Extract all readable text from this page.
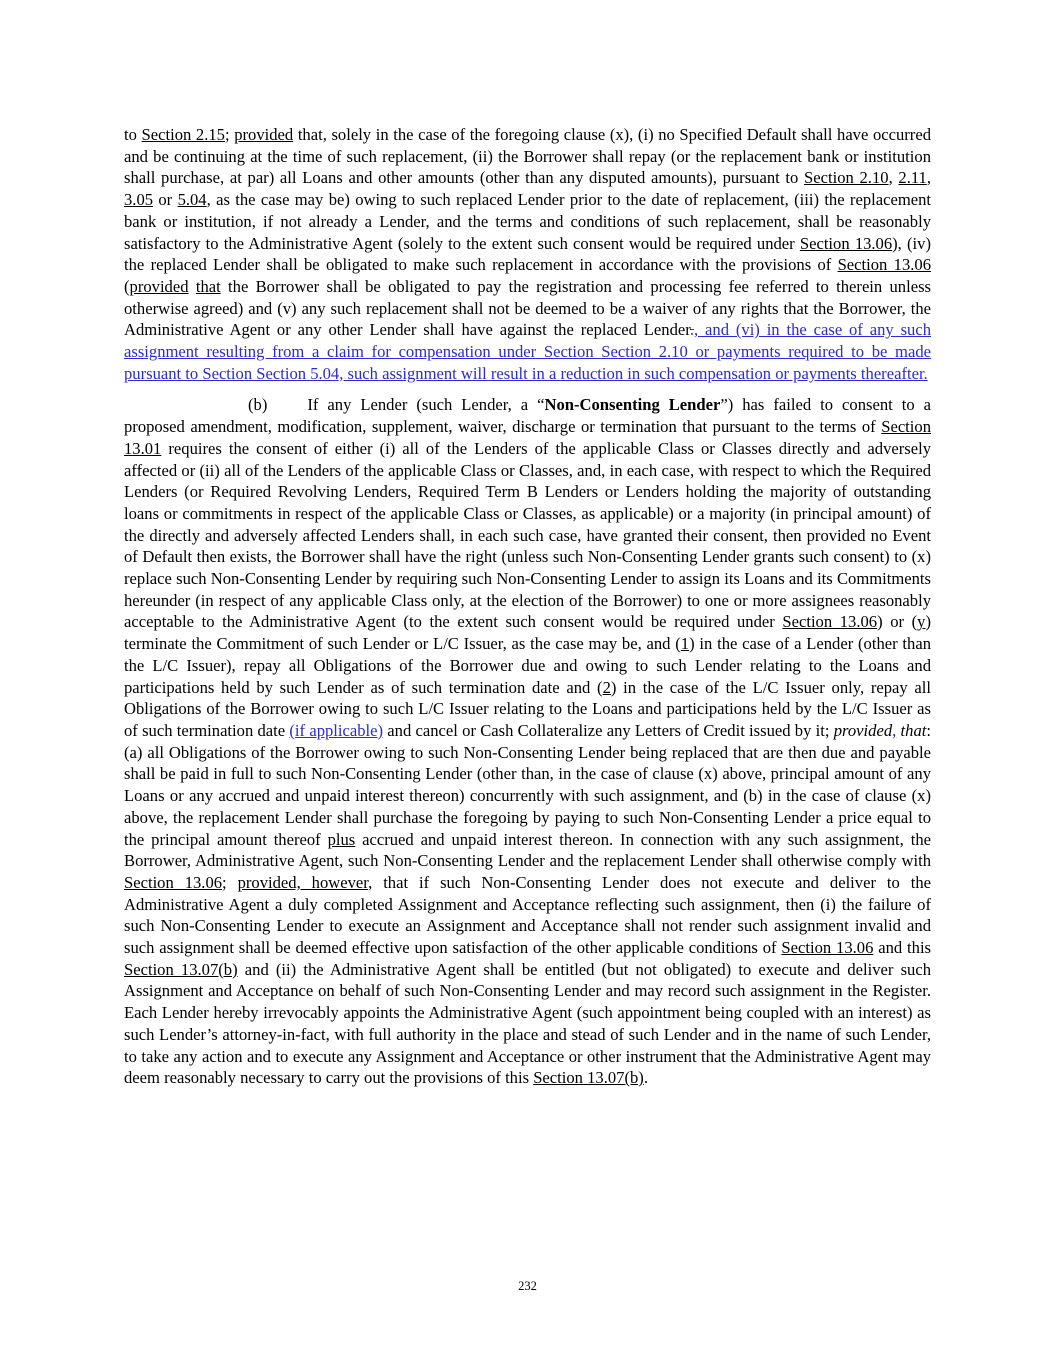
to Section 2.15; provided that, solely in the case of the foregoing clause (x), (i) no Specified Default shall have occurred and be continuing at the time of such replacement, (ii) the Borrower shall repay (or the replacement bank or institution shall purchase, at par) all Loans and other amounts (other than any disputed amounts), pursuant to Section 2.10, 2.11, 3.05 or 5.04, as the case may be) owing to such replaced Lender prior to the date of replacement, (iii) the replacement bank or institution, if not already a Lender, and the terms and conditions of such replacement, shall be reasonably satisfactory to the Administrative Agent (solely to the extent such consent would be required under Section 13.06), (iv) the replaced Lender shall be obligated to make such replacement in accordance with the provisions of Section 13.06 (provided that the Borrower shall be obligated to pay the registration and processing fee referred to therein unless otherwise agreed) and (v) any such replacement shall not be deemed to be a waiver of any rights that the Borrower, the Administrative Agent or any other Lender shall have against the replaced Lender., and (vi) in the case of any such assignment resulting from a claim for compensation under Section Section 2.10 or payments required to be made pursuant to Section Section 5.04, such assignment will result in a reduction in such compensation or payments thereafter.

(b) If any Lender (such Lender, a “Non-Consenting Lender”) has failed to consent to a proposed amendment, modification, supplement, waiver, discharge or termination that pursuant to the terms of Section 13.01 requires the consent of either (i) all of the Lenders of the applicable Class or Classes directly and adversely affected or (ii) all of the Lenders of the applicable Class or Classes, and, in each case, with respect to which the Required Lenders (or Required Revolving Lenders, Required Term B Lenders or Lenders holding the majority of outstanding loans or commitments in respect of the applicable Class or Classes, as applicable) or a majority (in principal amount) of the directly and adversely affected Lenders shall, in each such case, have granted their consent, then provided no Event of Default then exists, the Borrower shall have the right (unless such Non-Consenting Lender grants such consent) to (x) replace such Non-Consenting Lender by requiring such Non-Consenting Lender to assign its Loans and its Commitments hereunder (in respect of any applicable Class only, at the election of the Borrower) to one or more assignees reasonably acceptable to the Administrative Agent (to the extent such consent would be required under Section 13.06) or (y) terminate the Commitment of such Lender or L/C Issuer, as the case may be, and (1) in the case of a Lender (other than the L/C Issuer), repay all Obligations of the Borrower due and owing to such Lender relating to the Loans and participations held by such Lender as of such termination date and (2) in the case of the L/C Issuer only, repay all Obligations of the Borrower owing to such L/C Issuer relating to the Loans and participations held by the L/C Issuer as of such termination date (if applicable) and cancel or Cash Collateralize any Letters of Credit issued by it; provided, that: (a) all Obligations of the Borrower owing to such Non-Consenting Lender being replaced that are then due and payable shall be paid in full to such Non-Consenting Lender (other than, in the case of clause (x) above, principal amount of any Loans or any accrued and unpaid interest thereon) concurrently with such assignment, and (b) in the case of clause (x) above, the replacement Lender shall purchase the foregoing by paying to such Non-Consenting Lender a price equal to the principal amount thereof plus accrued and unpaid interest thereon. In connection with any such assignment, the Borrower, Administrative Agent, such Non-Consenting Lender and the replacement Lender shall otherwise comply with Section 13.06; provided, however, that if such Non-Consenting Lender does not execute and deliver to the Administrative Agent a duly completed Assignment and Acceptance reflecting such assignment, then (i) the failure of such Non-Consenting Lender to execute an Assignment and Acceptance shall not render such assignment invalid and such assignment shall be deemed effective upon satisfaction of the other applicable conditions of Section 13.06 and this Section 13.07(b) and (ii) the Administrative Agent shall be entitled (but not obligated) to execute and deliver such Assignment and Acceptance on behalf of such Non-Consenting Lender and may record such assignment in the Register. Each Lender hereby irrevocably appoints the Administrative Agent (such appointment being coupled with an interest) as such Lender’s attorney-in-fact, with full authority in the place and stead of such Lender and in the name of such Lender, to take any action and to execute any Assignment and Acceptance or other instrument that the Administrative Agent may deem reasonably necessary to carry out the provisions of this Section 13.07(b).

232
